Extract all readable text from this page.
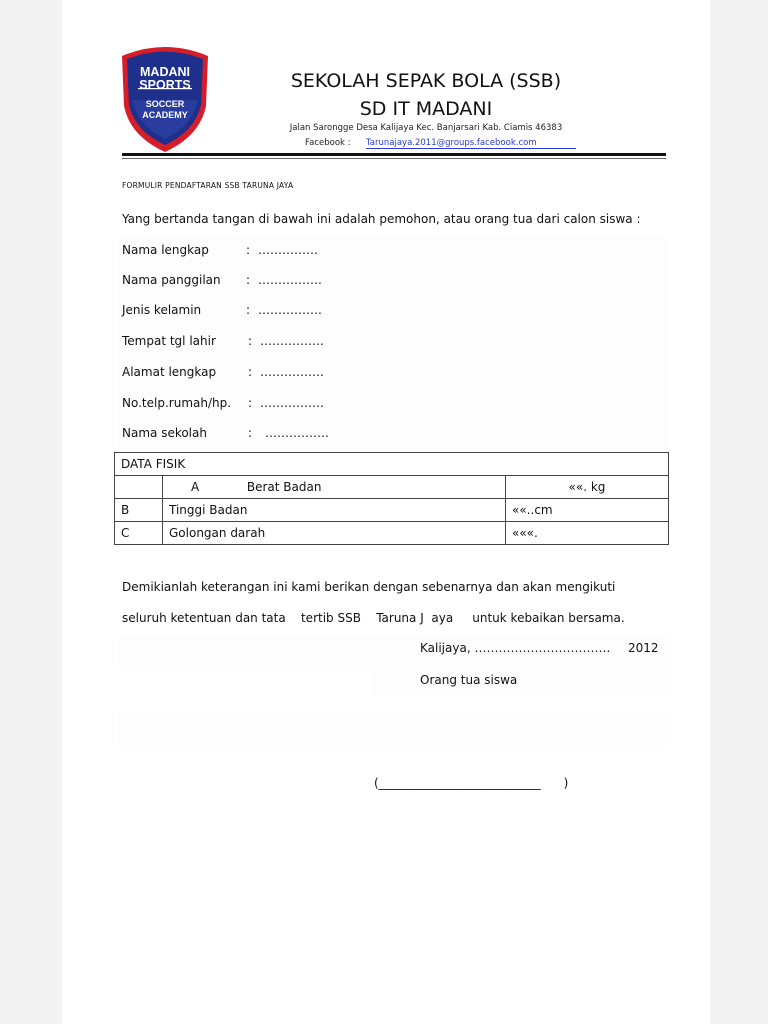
MADANI
SPORTS
SOCCER
ACADEMY
SEKOLAH SEPAK BOLA (SSB)
SD IT MADANI
Jalan Sarongge Desa Kalijaya Kec. Banjarsari Kab. Ciamis 46383
Facebook : Tarunajaya.2011@groups.facebook.com
FORMULIR PENDAFTARAN SSB TARUNA JAYA
Yang bertanda tangan di bawah ini adalah pemohon, atau orang tua dari calon siswa :
Nama lengkap	: ……………
Nama panggilan : …………….
Jenis kelamin	: …………….
Tempat tgl lahir	: …………….
Alamat lengkap	: …………….
No.telp.rumah/hp. : …………….
Nama sekolah	: …………….
DATA FISIK		
	A Berat Badan	««. kg
B	Tinggi Badan	««..cm
C	Golongan darah	«««.
Demikianlah keterangan ini kami berikan dengan sebenarnya dan akan mengikuti
seluruh ketentuan dan tata    tertib SSB    Taruna J  aya     untuk kebaikan bersama.
Kalijaya, ……………………………. 2012
Orang tua siswa
(___________________________      )
